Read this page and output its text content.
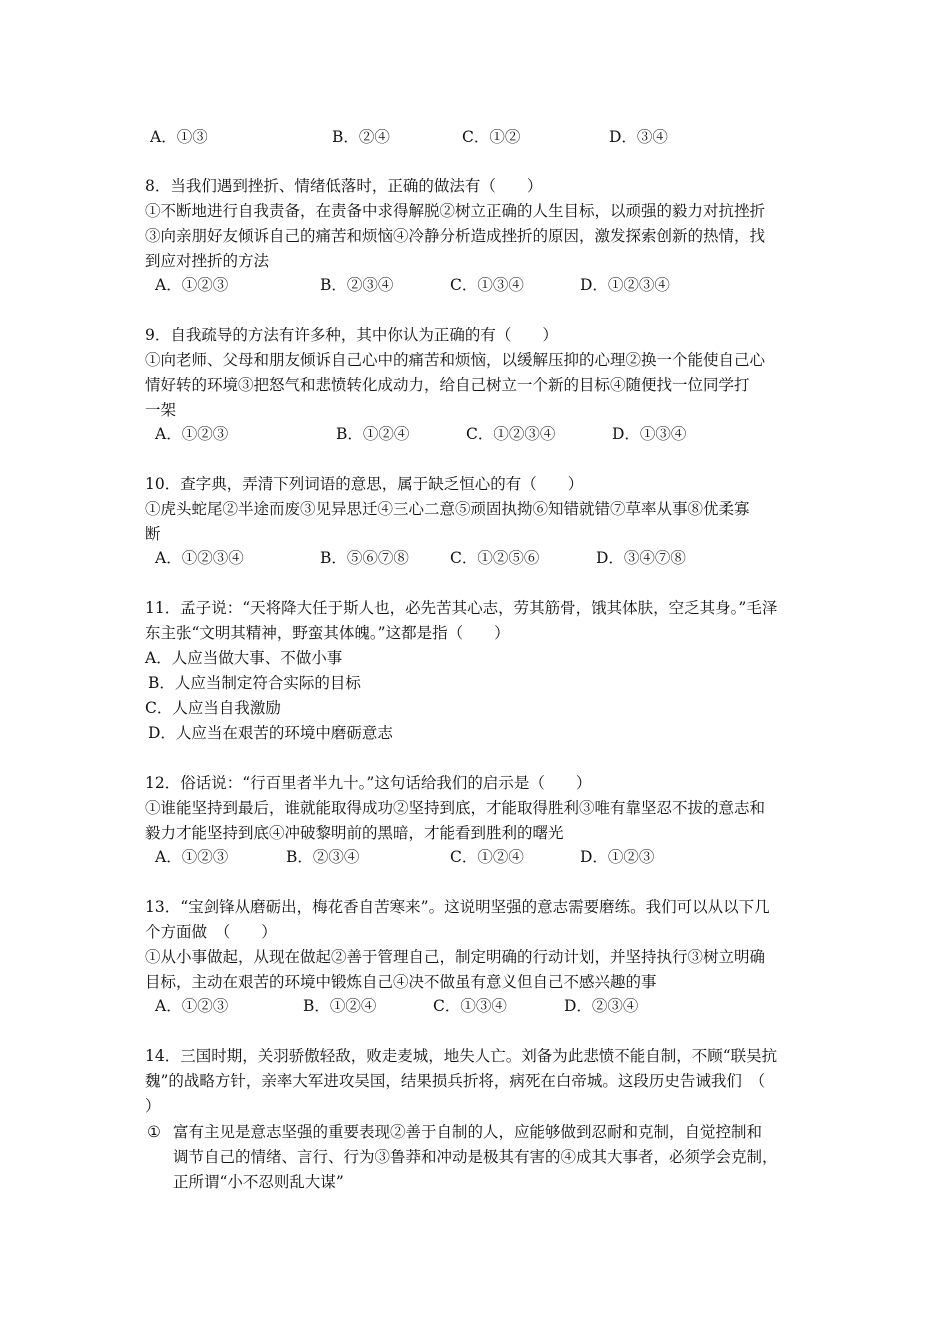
A．①③	B．②④	C．①②	D．③④
8．当我们遇到挫折、情绪低落时，正确的做法有（　　）
①不断地进行自我责备，在责备中求得解脱②树立正确的人生目标，以顽强的毅力对抗挫折
③向亲朋好友倾诉自己的痛苦和烦恼④冷静分析造成挫折的原因，激发探索创新的热情，找
到应对挫折的方法
A．①②③	B．②③④	C．①③④	D．①②③④
9．自我疏导的方法有许多种，其中你认为正确的有（　　）
①向老师、父母和朋友倾诉自己心中的痛苦和烦恼，以缓解压抑的心理②换一个能使自己心
情好转的环境③把怒气和悲愤转化成动力，给自己树立一个新的目标④随便找一位同学打
一架
A．①②③	B．①②④	C．①②③④	D．①③④
10．查字典，弄清下列词语的意思，属于缺乏恒心的有（　　）
①虎头蛇尾②半途而废③见异思迁④三心二意⑤顽固执拗⑥知错就错⑦草率从事⑧优柔寡
断
A．①②③④	B．⑤⑥⑦⑧	C．①②⑤⑥	D．③④⑦⑧
11．孟子说：“天将降大任于斯人也，必先苦其心志，劳其筋骨，饿其体肤，空乏其身。”毛泽
东主张“文明其精神，野蛮其体魄。”这都是指（　　）
A．人应当做大事、不做小事
B．人应当制定符合实际的目标
C．人应当自我激励
D．人应当在艰苦的环境中磨砺意志
12．俗话说：“行百里者半九十。”这句话给我们的启示是（　　）
①谁能坚持到最后，谁就能取得成功②坚持到底，才能取得胜利③唯有靠坚忍不拔的意志和
毅力才能坚持到底④冲破黎明前的黑暗，才能看到胜利的曙光
A．①②③	B．②③④	C．①②④	D．①②③
13．“宝剑锋从磨砺出，梅花香自苦寒来”。这说明坚强的意志需要磨练。我们可以从以下几
个方面做　（　　）
①从小事做起，从现在做起②善于管理自己，制定明确的行动计划，并坚持执行③树立明确
目标，主动在艰苦的环境中锻炼自己④决不做虽有意义但自己不感兴趣的事
A．①②③	B．①②④	C．①③④	D．②③④
14．三国时期，关羽骄傲轻敌，败走麦城，地失人亡。刘备为此悲愤不能自制，不顾“联吴抗
魏”的战略方针，亲率大军进攻吴国，结果损兵折将，病死在白帝城。这段历史告诫我们　（
）
① 富有主见是意志坚强的重要表现②善于自制的人，应能够做到忍耐和克制，自觉控制和
调节自己的情绪、言行、行为③鲁莽和冲动是极其有害的④成其大事者，必须学会克制，
正所谓“小不忍则乱大谋”
